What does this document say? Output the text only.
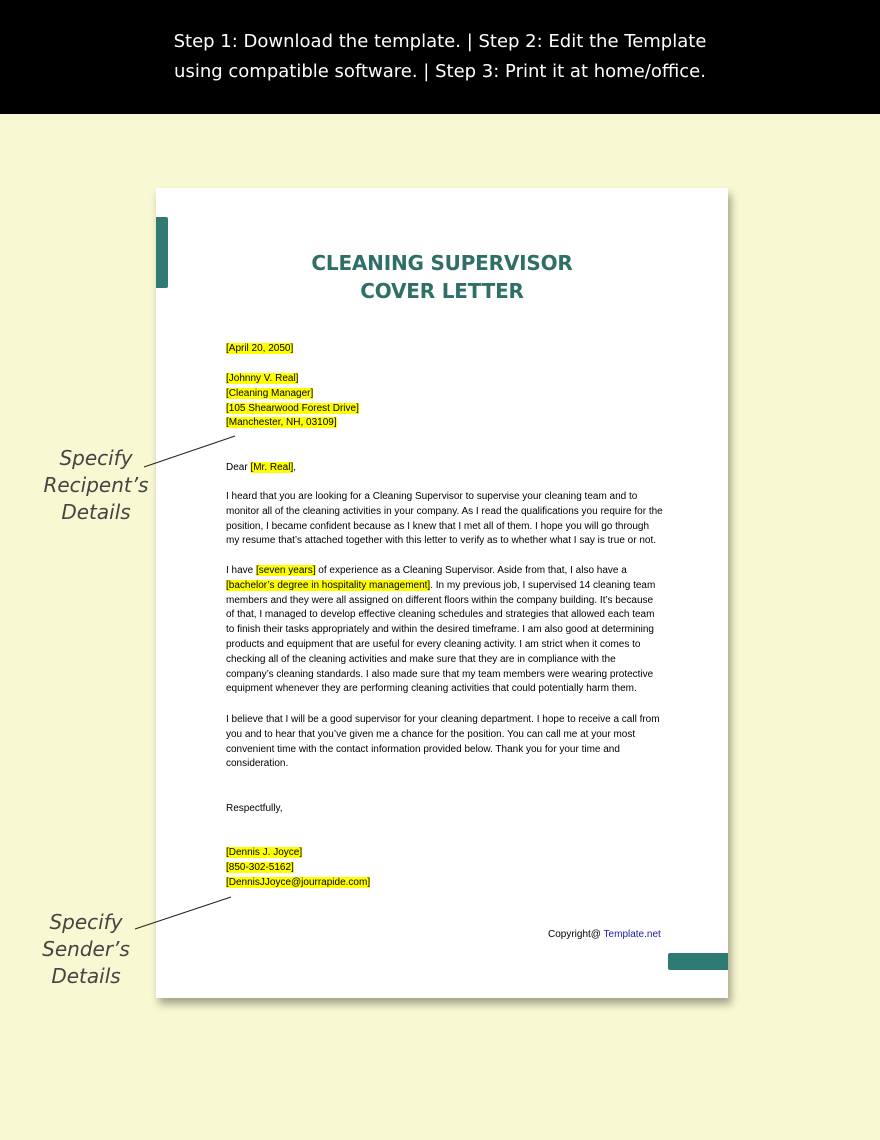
Step 1: Download the template. | Step 2: Edit the Template
using compatible software. | Step 3: Print it at home/office.
CLEANING SUPERVISOR
COVER LETTER
[April 20, 2050]
[Johnny V. Real]
[Cleaning Manager]
[105 Shearwood Forest Drive]
[Manchester, NH, 03109]
Dear [Mr. Real],
I heard that you are looking for a Cleaning Supervisor to supervise your cleaning team and to monitor all of the cleaning activities in your company. As I read the qualifications you require for the position, I became confident because as I knew that I met all of them. I hope you will go through my resume that’s attached together with this letter to verify as to whether what I say is true or not.
I have [seven years] of experience as a Cleaning Supervisor. Aside from that, I also have a [bachelor’s degree in hospitality management]. In my previous job, I supervised 14 cleaning team members and they were all assigned on different floors within the company building. It’s because of that, I managed to develop effective cleaning schedules and strategies that allowed each team to finish their tasks appropriately and within the desired timeframe. I am also good at determining products and equipment that are useful for every cleaning activity. I am strict when it comes to checking all of the cleaning activities and make sure that they are in compliance with the company’s cleaning standards. I also made sure that my team members were wearing protective equipment whenever they are performing cleaning activities that could potentially harm them.
I believe that I will be a good supervisor for your cleaning department. I hope to receive a call from you and to hear that you’ve given me a chance for the position. You can call me at your most convenient time with the contact information provided below. Thank you for your time and consideration.
Respectfully,
[Dennis J. Joyce]
[850-302-5162]
[DennisJJoyce@jourrapide.com]
Copyright@ Template.net
Specify
Recipent’s
Details
Specify
Sender’s
Details
